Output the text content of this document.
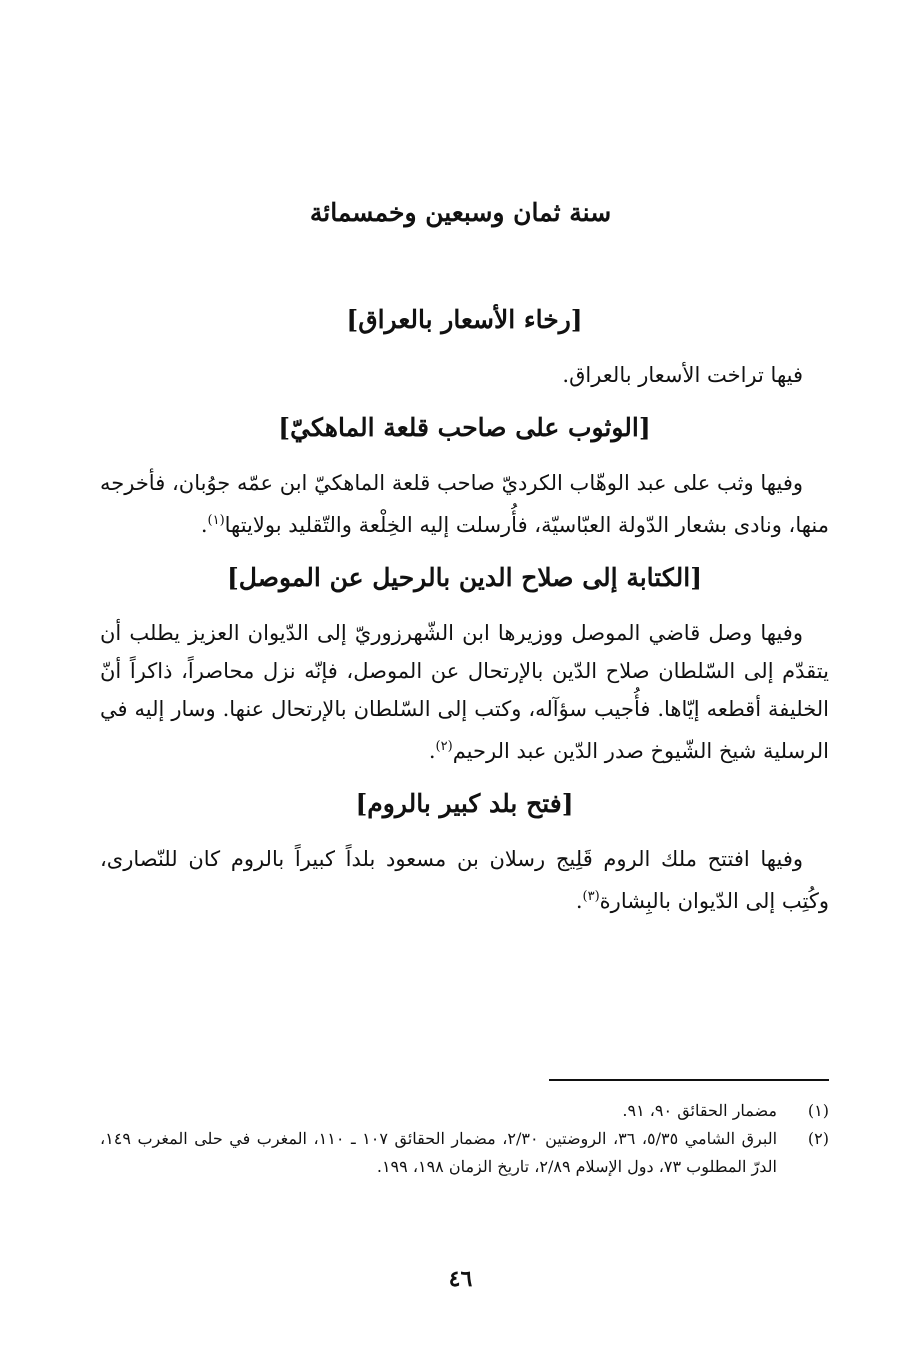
سنة ثمان وسبعين وخمسمائة
[رخاء الأسعار بالعراق]

فيها تراخت الأسعار بالعراق.

[الوثوب على صاحب قلعة الماهكيّ]

وفيها وثب على عبد الوهّاب الكرديّ صاحب قلعة الماهكيّ ابن عمّه جوُبان، فأخرجه منها، ونادى بشعار الدّولة العبّاسيّة، فأُرسلت إليه الخِلْعة والتّقليد بولايتها$^{(١)}$.

[الكتابة إلى صلاح الدين بالرحيل عن الموصل]

وفيها وصل قاضي الموصل ووزيرها ابن الشّهرزوريّ إلى الدّيوان العزيز يطلب أن يتقدّم إلى السّلطان صلاح الدّين بالإرتحال عن الموصل، فإنّه نزل محاصراً، ذاكراً أنّ الخليفة أقطعه إيّاها. فأُجيب سؤآله، وكتب إلى السّلطان بالإرتحال عنها. وسار إليه في الرسلية شيخ الشّيوخ صدر الدّين عبد الرحيم$^{(٢)}$.

[فتح بلد كبير بالروم]

وفيها افتتح ملك الروم قَلِيج رسلان بن مسعود بلداً كبيراً بالروم كان للنّصارى، وكُتِب إلى الدّيوان بالبِشارة$^{(٣)}$.

(١)
مضمار الحقائق ٩٠، ٩١.
(٢)
البرق الشامي ٥/٣٥، ٣٦، الروضتين ٢/٣٠، مضمار الحقائق ١٠٧ ـ ١١٠، المغرب في حلى المغرب ١٤٩، الدرّ المطلوب ٧٣، دول الإسلام ٢/٨٩، تاريخ الزمان ١٩٨، ١٩٩.
٤٦
